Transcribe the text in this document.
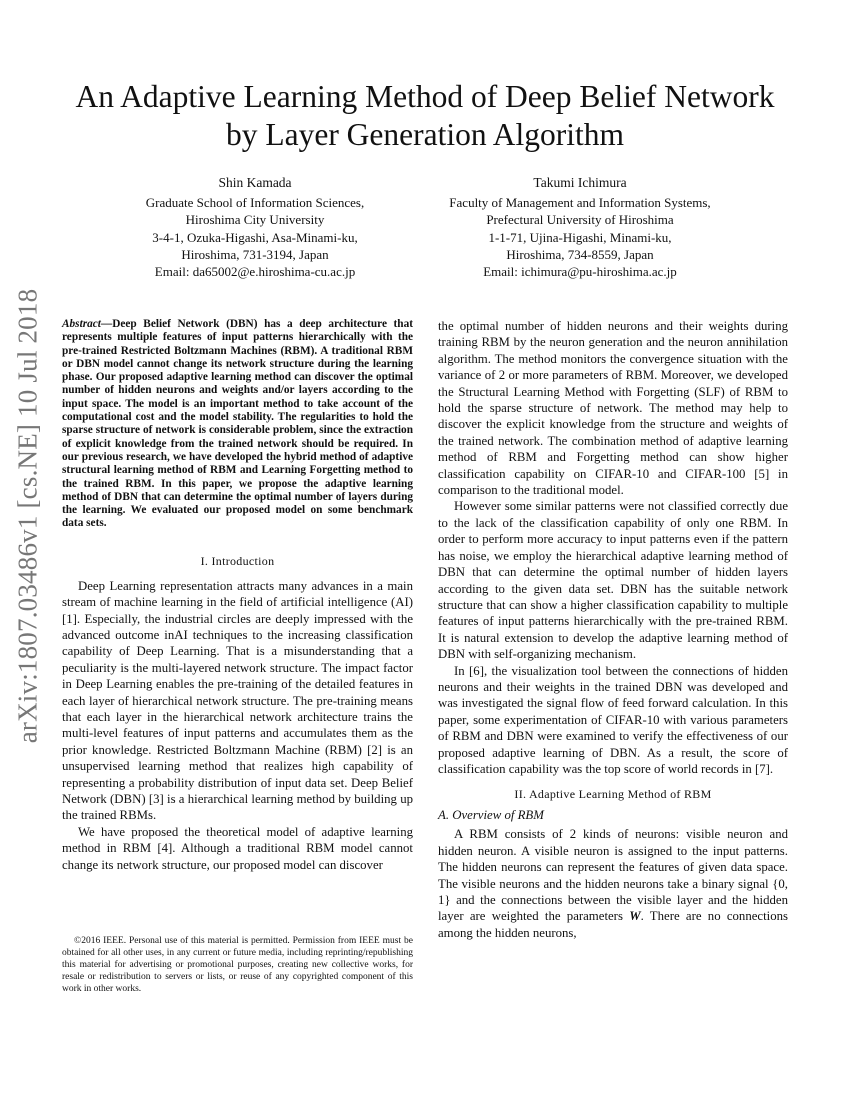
arXiv:1807.03486v1 [cs.NE] 10 Jul 2018
An Adaptive Learning Method of Deep Belief Network by Layer Generation Algorithm
Shin Kamada
Graduate School of Information Sciences,
Hiroshima City University
3-4-1, Ozuka-Higashi, Asa-Minami-ku,
Hiroshima, 731-3194, Japan
Email: da65002@e.hiroshima-cu.ac.jp
Takumi Ichimura
Faculty of Management and Information Systems,
Prefectural University of Hiroshima
1-1-71, Ujina-Higashi, Minami-ku,
Hiroshima, 734-8559, Japan
Email: ichimura@pu-hiroshima.ac.jp

Abstract—Deep Belief Network (DBN) has a deep architecture that represents multiple features of input patterns hierarchically with the pre-trained Restricted Boltzmann Machines (RBM). A traditional RBM or DBN model cannot change its network structure during the learning phase. Our proposed adaptive learning method can discover the optimal number of hidden neurons and weights and/or layers according to the input space. The model is an important method to take account of the computational cost and the model stability. The regularities to hold the sparse structure of network is considerable problem, since the extraction of explicit knowledge from the trained network should be required. In our previous research, we have developed the hybrid method of adaptive structural learning method of RBM and Learning Forgetting method to the trained RBM. In this paper, we propose the adaptive learning method of DBN that can determine the optimal number of layers during the learning. We evaluated our proposed model on some benchmark data sets.

I. Introduction

Deep Learning representation attracts many advances in a main stream of machine learning in the field of artificial intelligence (AI) [1]. Especially, the industrial circles are deeply impressed with the advanced outcome inAI techniques to the increasing classification capability of Deep Learning. That is a misunderstanding that a peculiarity is the multi-layered network structure. The impact factor in Deep Learning enables the pre-training of the detailed features in each layer of hierarchical network structure. The pre-training means that each layer in the hierarchical network architecture trains the multi-level features of input patterns and accumulates them as the prior knowledge. Restricted Boltzmann Machine (RBM) [2] is an unsupervised learning method that realizes high capability of representing a probability distribution of input data set. Deep Belief Network (DBN) [3] is a hierarchical learning method by building up the trained RBMs.

We have proposed the theoretical model of adaptive learning method in RBM [4]. Although a traditional RBM model cannot change its network structure, our proposed model can discover

©2016 IEEE. Personal use of this material is permitted. Permission from IEEE must be obtained for all other uses, in any current or future media, including reprinting/republishing this material for advertising or promotional purposes, creating new collective works, for resale or redistribution to servers or lists, or reuse of any copyrighted component of this work in other works.

the optimal number of hidden neurons and their weights during training RBM by the neuron generation and the neuron annihilation algorithm. The method monitors the convergence situation with the variance of 2 or more parameters of RBM. Moreover, we developed the Structural Learning Method with Forgetting (SLF) of RBM to hold the sparse structure of network. The method may help to discover the explicit knowledge from the structure and weights of the trained network. The combination method of adaptive learning method of RBM and Forgetting method can show higher classification capability on CIFAR-10 and CIFAR-100 [5] in comparison to the traditional model.

However some similar patterns were not classified correctly due to the lack of the classification capability of only one RBM. In order to perform more accuracy to input patterns even if the pattern has noise, we employ the hierarchical adaptive learning method of DBN that can determine the optimal number of hidden layers according to the given data set. DBN has the suitable network structure that can show a higher classification capability to multiple features of input patterns hierarchically with the pre-trained RBM. It is natural extension to develop the adaptive learning method of DBN with self-organizing mechanism.

In [6], the visualization tool between the connections of hidden neurons and their weights in the trained DBN was developed and was investigated the signal flow of feed forward calculation. In this paper, some experimentation of CIFAR-10 with various parameters of RBM and DBN were examined to verify the effectiveness of our proposed adaptive learning of DBN. As a result, the score of classification capability was the top score of world records in [7].

II. Adaptive Learning Method of RBM

A. Overview of RBM

A RBM consists of 2 kinds of neurons: visible neuron and hidden neuron. A visible neuron is assigned to the input patterns. The hidden neurons can represent the features of given data space. The visible neurons and the hidden neurons take a binary signal {0, 1} and the connections between the visible layer and the hidden layer are weighted the parameters W. There are no connections among the hidden neurons,
